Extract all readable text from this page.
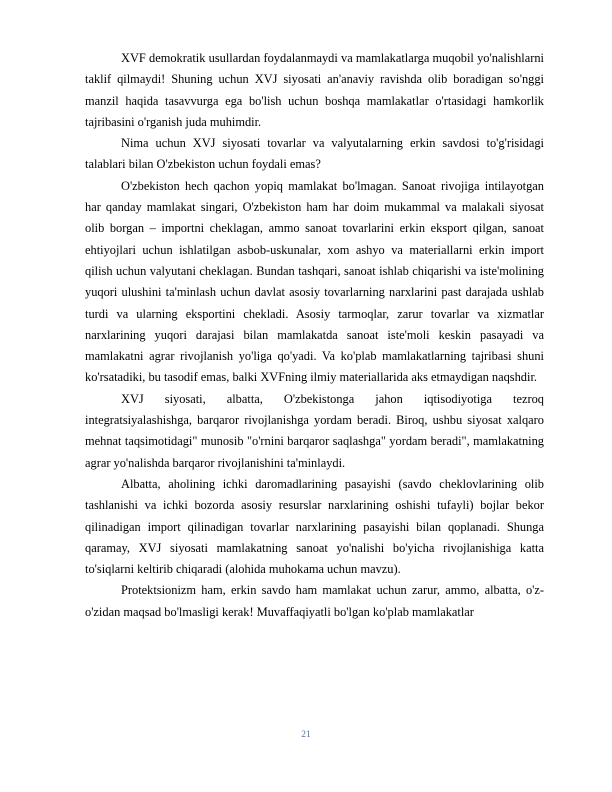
XVF demokratik usullardan foydalanmaydi va mamlakatlarga muqobil yo'nalishlarni taklif qilmaydi! Shuning uchun XVJ siyosati an'anaviy ravishda olib boradigan so'nggi manzil haqida tasavvurga ega bo'lish uchun boshqa mamlakatlar o'rtasidagi hamkorlik tajribasini o'rganish juda muhimdir.

Nima uchun XVJ siyosati tovarlar va valyutalarning erkin savdosi to'g'risidagi talablari bilan O'zbekiston uchun foydali emas?

O'zbekiston hech qachon yopiq mamlakat bo'lmagan. Sanoat rivojiga intilayotgan har qanday mamlakat singari, O'zbekiston ham har doim mukammal va malakali siyosat olib borgan – importni cheklagan, ammo sanoat tovarlarini erkin eksport qilgan, sanoat ehtiyojlari uchun ishlatilgan asbob-uskunalar, xom ashyo va materiallarni erkin import qilish uchun valyutani cheklagan. Bundan tashqari, sanoat ishlab chiqarishi va iste'molining yuqori ulushini ta'minlash uchun davlat asosiy tovarlarning narxlarini past darajada ushlab turdi va ularning eksportini chekladi. Asosiy tarmoqlar, zarur tovarlar va xizmatlar narxlarining yuqori darajasi bilan mamlakatda sanoat iste'moli keskin pasayadi va mamlakatni agrar rivojlanish yo'liga qo'yadi. Va ko'plab mamlakatlarning tajribasi shuni ko'rsatadiki, bu tasodif emas, balki XVFning ilmiy materiallarida aks etmaydigan naqshdir.

XVJ siyosati, albatta, O'zbekistonga jahon iqtisodiyotiga tezroq integratsiyalashishga, barqaror rivojlanishga yordam beradi. Biroq, ushbu siyosat xalqaro mehnat taqsimotidagi" munosib "o'rnini barqaror saqlashga" yordam beradi", mamlakatning agrar yo'nalishda barqaror rivojlanishini ta'minlaydi.

Albatta, aholining ichki daromadlarining pasayishi (savdo cheklovlarining olib tashlanishi va ichki bozorda asosiy resurslar narxlarining oshishi tufayli) bojlar bekor qilinadigan import qilinadigan tovarlar narxlarining pasayishi bilan qoplanadi. Shunga qaramay, XVJ siyosati mamlakatning sanoat yo'nalishi bo'yicha rivojlanishiga katta to'siqlarni keltirib chiqaradi (alohida muhokama uchun mavzu).

Protektsionizm ham, erkin savdo ham mamlakat uchun zarur, ammo, albatta, o'z-o'zidan maqsad bo'lmasligi kerak! Muvaffaqiyatli bo'lgan ko'plab mamlakatlar

21
